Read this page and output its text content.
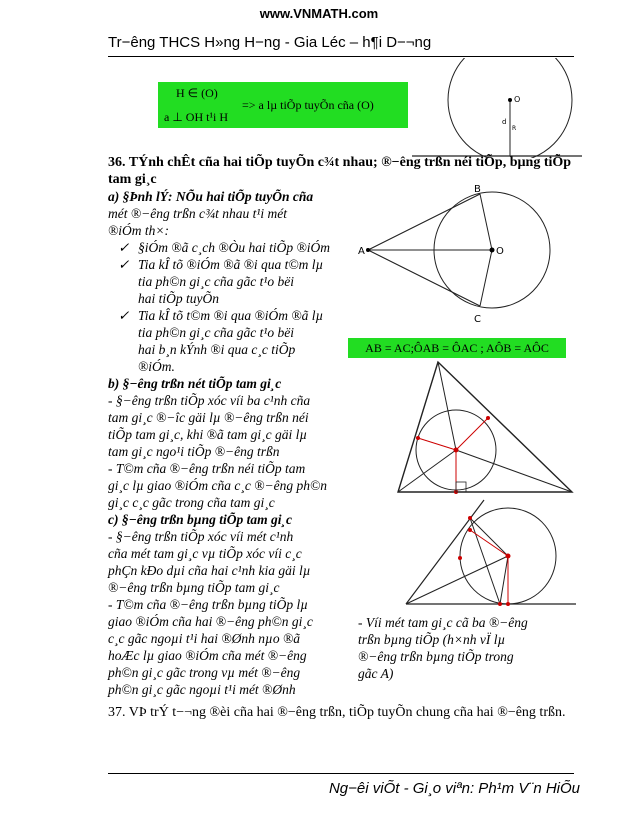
www.VNMATH.com
Tr−êng THCS H»ng H−ng - Gia Léc – h¶i D−¬ng
H ∈ (O)
=> a lµ tiÕp tuyÕn cña (O)
a ⊥ OH t¹i H
O
d
R
36. TÝnh chÊt cña hai tiÕp tuyÕn c¾t nhau; ®−êng trßn néi tiÕp, bµng tiÕp tam gi¸c
a) §Þnh lÝ: NÕu hai tiÕp tuyÕn cña
mét ®−êng trßn c¾t nhau t¹i mét
®iÓm th×:
✓ §iÓm ®ã c¸ch ®Òu hai tiÕp ®iÓm
✓ Tia kÎ tõ ®iÓm ®ã ®i qua t©m lµ
tia ph©n gi¸c cña gãc t¹o bëi
hai tiÕp tuyÕn
✓ Tia kÎ tõ t©m ®i qua ®iÓm ®ã lµ
tia ph©n gi¸c cña gãc t¹o bëi
hai b¸n kÝnh ®i qua c¸c tiÕp
®iÓm.
b) §−êng trßn nét tiÕp tam gi¸c
- §−êng trßn tiÕp xóc víi ba c¹nh cña
tam gi¸c ®−îc gäi lµ ®−êng trßn néi
tiÕp tam gi¸c, khi ®ã tam gi¸c gäi lµ
tam gi¸c ngo¹i tiÕp ®−êng trßn
- T©m cña ®−êng trßn néi tiÕp tam
gi¸c lµ giao ®iÓm cña c¸c ®−êng ph©n
gi¸c c¸c gãc trong cña tam gi¸c
c) §−êng trßn bµng tiÕp tam gi¸c
- §−êng trßn tiÕp xóc víi mét c¹nh
cña mét tam gi¸c vµ tiÕp xóc víi c¸c
phÇn kÐo dµi cña hai c¹nh kia gäi lµ
®−êng trßn bµng tiÕp tam gi¸c
- T©m cña ®−êng trßn bµng tiÕp lµ
giao ®iÓm cña hai ®−êng ph©n gi¸c
c¸c gãc ngoµi t¹i hai ®Ønh nµo ®ã
hoÆc lµ giao ®iÓm cña mét ®−êng
ph©n gi¸c gãc trong vµ mét ®−êng
ph©n gi¸c gãc ngoµi t¹i mét ®Ønh
A	O
B
C
AB = AC;ÔAB = ÔAC ; AÔB = AÔC
- Víi mét tam gi¸c cã ba ®−êng
trßn bµng tiÕp (h×nh vÏ lµ
®−êng trßn bµng tiÕp trong
gãc A)
37. VÞ trÝ t−¬ng ®èi cña hai ®−êng trßn, tiÕp tuyÕn chung cña hai ®−êng trßn.
Ng−êi viÕt - Gi¸o viªn: Ph¹m V¨n HiÕu
